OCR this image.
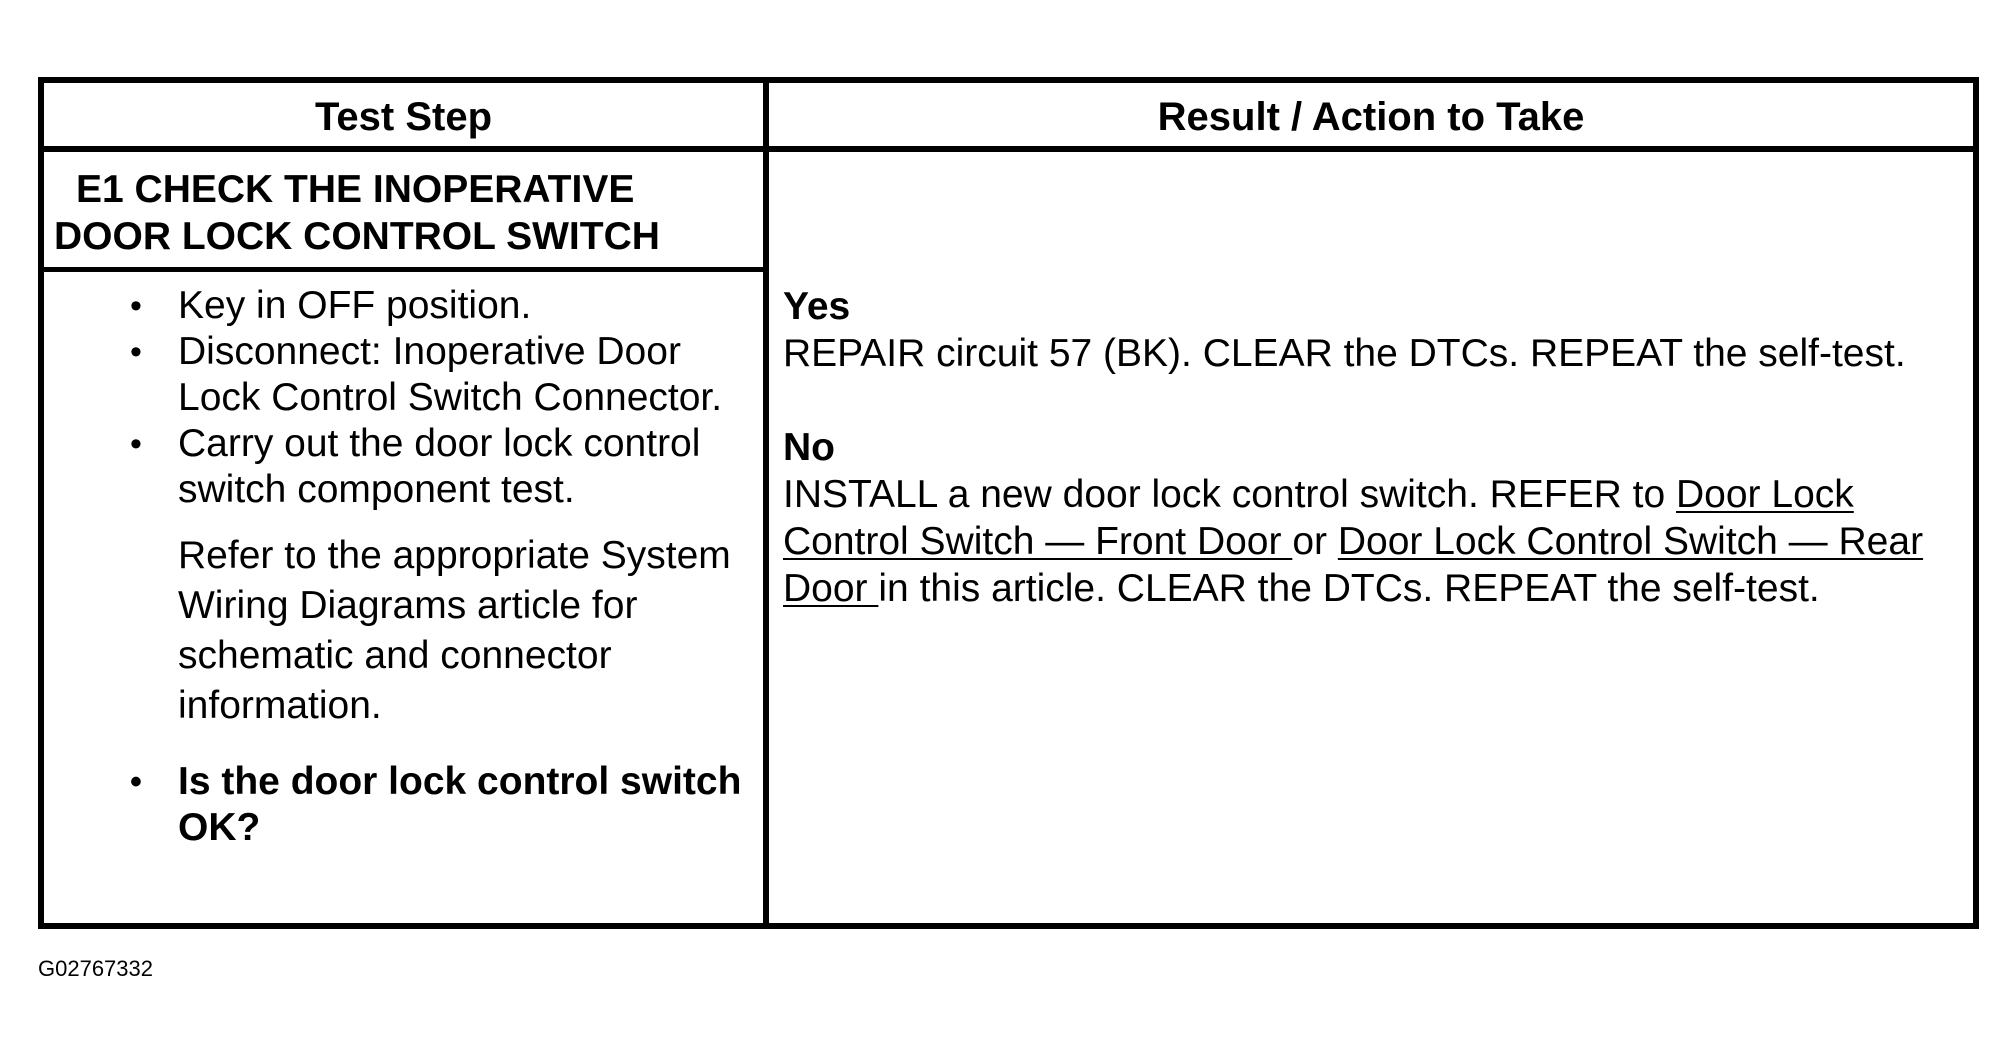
Test Step	Result / Action to Take
E1 CHECK THE INOPERATIVE
DOOR LOCK CONTROL SWITCH
• Key in OFF position.
• Disconnect: Inoperative Door Lock Control Switch Connector.
• Carry out the door lock control switch component test.
Refer to the appropriate System Wiring Diagrams article for schematic and connector information.
• Is the door lock control switch OK?
Yes
REPAIR circuit 57 (BK). CLEAR the DTCs. REPEAT the self-test.
No
INSTALL a new door lock control switch. REFER to Door Lock Control Switch — Front Door or Door Lock Control Switch — Rear Door in this article. CLEAR the DTCs. REPEAT the self-test.
G02767332
